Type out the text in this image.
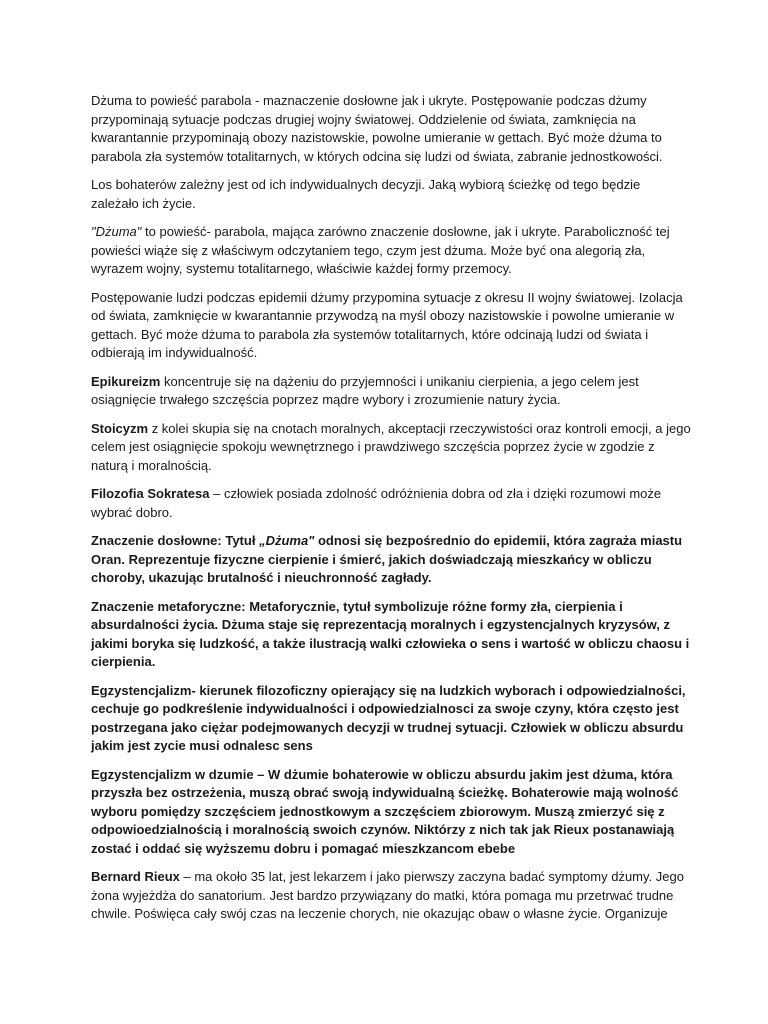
Dżuma to powieść parabola - maznaczenie dosłowne jak i ukryte. Postępowanie podczas dżumy przypominają sytuacje podczas drugiej wojny światowej. Oddzielenie od świata, zamknięcia na kwarantannie przypominają obozy nazistowskie, powolne umieranie w gettach. Być może dżuma to parabola zła systemów totalitarnych, w których odcina się ludzi od świata, zabranie jednostkowości.

Los bohaterów zależny jest od ich indywidualnych decyzji. Jaką wybiorą ścieżkę od tego będzie zależało ich życie.

"Dżuma" to powieść- parabola, mająca zarówno znaczenie dosłowne, jak i ukryte. Paraboliczność tej powieści wiąże się z właściwym odczytaniem tego, czym jest dżuma. Może być ona alegorią zła, wyrazem wojny, systemu totalitarnego, właściwie każdej formy przemocy.

Postępowanie ludzi podczas epidemii dżumy przypomina sytuacje z okresu II wojny światowej. Izolacja od świata, zamknięcie w kwarantannie przywodzą na myśl obozy nazistowskie i powolne umieranie w gettach. Być może dżuma to parabola zła systemów totalitarnych, które odcinają ludzi od świata i odbierają im indywidualność.

Epikureizm koncentruje się na dążeniu do przyjemności i unikaniu cierpienia, a jego celem jest osiągnięcie trwałego szczęścia poprzez mądre wybory i zrozumienie natury życia.

Stoicyzm z kolei skupia się na cnotach moralnych, akceptacji rzeczywistości oraz kontroli emocji, a jego celem jest osiągnięcie spokoju wewnętrznego i prawdziwego szczęścia poprzez życie w zgodzie z naturą i moralnością.

Filozofia Sokratesa – człowiek posiada zdolność odróżnienia dobra od zła i dzięki rozumowi może wybrać dobro.

Znaczenie dosłowne: Tytuł „Dżuma" odnosi się bezpośrednio do epidemii, która zagraża miastu Oran. Reprezentuje fizyczne cierpienie i śmierć, jakich doświadczają mieszkańcy w obliczu choroby, ukazując brutalność i nieuchronność zagłady.

Znaczenie metaforyczne: Metaforycznie, tytuł symbolizuje różne formy zła, cierpienia i absurdalności życia. Dżuma staje się reprezentacją moralnych i egzystencjalnych kryzysów, z jakimi boryka się ludzkość, a także ilustracją walki człowieka o sens i wartość w obliczu chaosu i cierpienia.

Egzystencjalizm- kierunek filozoficzny opierający się na ludzkich wyborach i odpowiedzialności, cechuje go podkreślenie indywidualności i odpowiedzialnosci za swoje czyny, która często jest postrzegana jako ciężar podejmowanych decyzji w trudnej sytuacji. Człowiek w obliczu absurdu jakim jest zycie musi odnalesc sens

Egzystencjalizm w dzumie – W dżumie bohaterowie w obliczu absurdu jakim jest dżuma, która przyszła bez ostrzeżenia, muszą obrać swoją indywidualną ścieżkę. Bohaterowie mają wolność wyboru pomiędzy szczęściem jednostkowym a szczęściem zbiorowym. Muszą zmierzyć się z odpowioedzialnością i moralnością swoich czynów. Niktórzy z nich tak jak Rieux postanawiają zostać i oddać się wyższemu dobru i pomagać mieszkzancom ebebe

Bernard Rieux – ma około 35 lat, jest lekarzem i jako pierwszy zaczyna badać symptomy dżumy. Jego żona wyjeżdża do sanatorium. Jest bardzo przywiązany do matki, która pomaga mu przetrwać trudne chwile. Poświęca cały swój czas na leczenie chorych, nie okazując obaw o własne życie. Organizuje
